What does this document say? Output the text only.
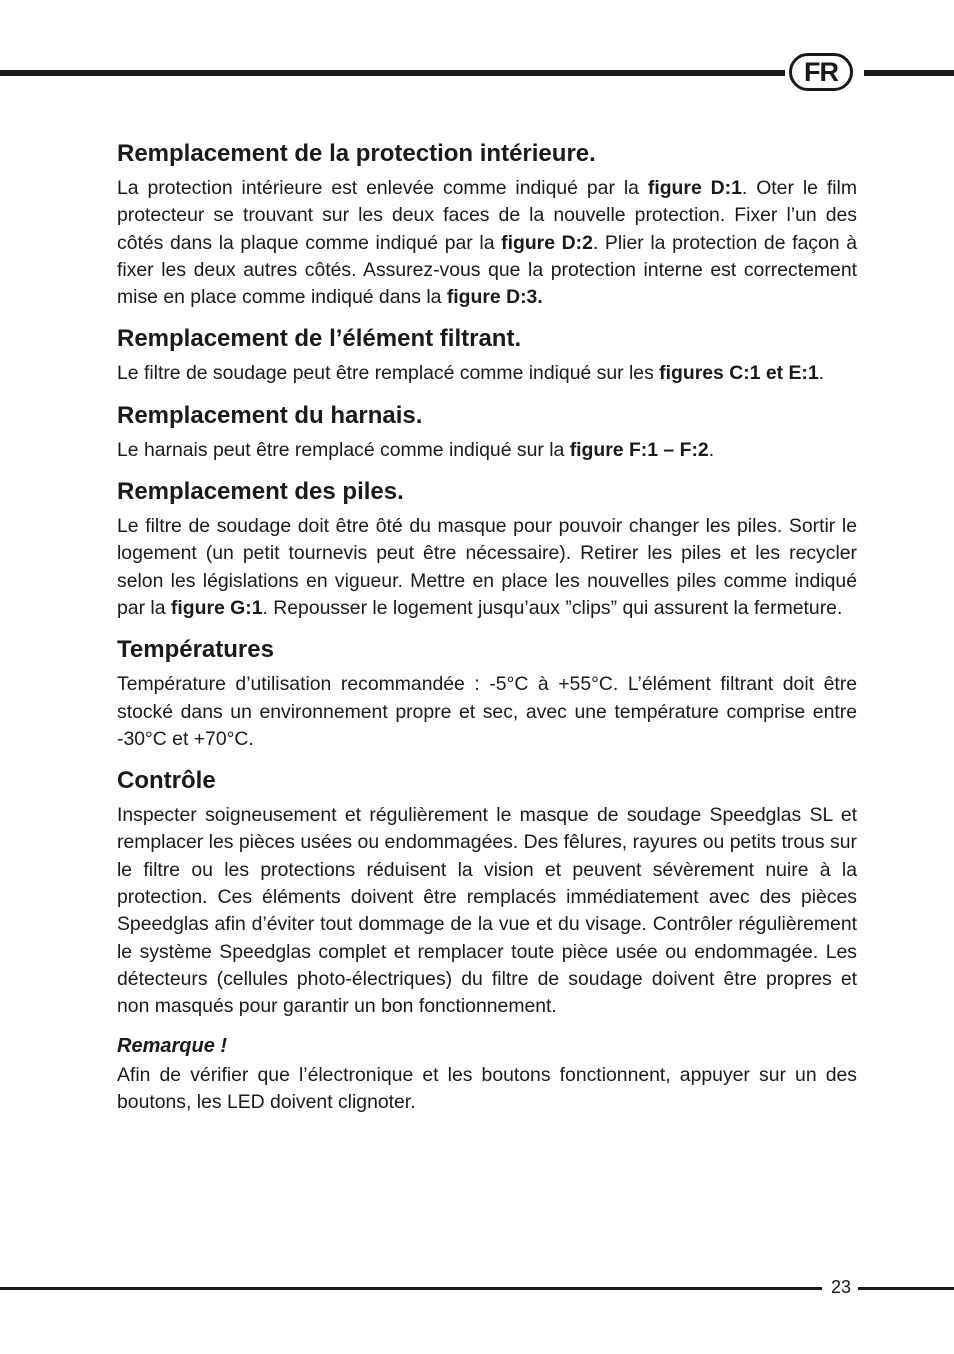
FR
Remplacement de la protection intérieure.

La protection intérieure est enlevée comme indiqué par la figure D:1. Oter le film protecteur se trouvant sur les deux faces de la nouvelle protection. Fixer l’un des côtés dans la plaque comme indiqué par la figure D:2. Plier la protection de façon à fixer les deux autres côtés. Assurez-vous que la protection interne est correctement mise en place comme indiqué dans la figure D:3.

Remplacement de l’élément filtrant.

Le filtre de soudage peut être remplacé comme indiqué sur les figures C:1 et E:1.

Remplacement du harnais.

Le harnais peut être remplacé comme indiqué sur la figure F:1 – F:2.

Remplacement des piles.

Le filtre de soudage doit être ôté du masque pour pouvoir changer les piles. Sortir le logement (un petit tournevis peut être nécessaire). Retirer les piles et les recycler selon les législations en vigueur. Mettre en place les nouvelles piles comme indiqué par la figure G:1. Repousser le logement jusqu’aux ”clips” qui assurent la fermeture.

Températures

Température d’utilisation recommandée : -5°C à +55°C. L’élément filtrant doit être stocké dans un environnement propre et sec, avec une température comprise entre -30°C et +70°C.

Contrôle

Inspecter soigneusement et régulièrement le masque de soudage Speedglas SL et remplacer les pièces usées ou endommagées. Des fêlures, rayures ou petits trous sur le filtre ou les protections réduisent la vision et peuvent sévèrement nuire à la protection. Ces éléments doivent être remplacés immédiatement avec des pièces Speedglas afin d’éviter tout dommage de la vue et du visage. Contrôler régulièrement le système Speedglas complet et remplacer toute pièce usée ou endommagée. Les détecteurs (cellules photo-électriques) du filtre de soudage doivent être propres et non masqués pour garantir un bon fonctionnement.

Remarque !

Afin de vérifier que l’électronique et les boutons fonctionnent, appuyer sur un des boutons, les LED doivent clignoter.

23
